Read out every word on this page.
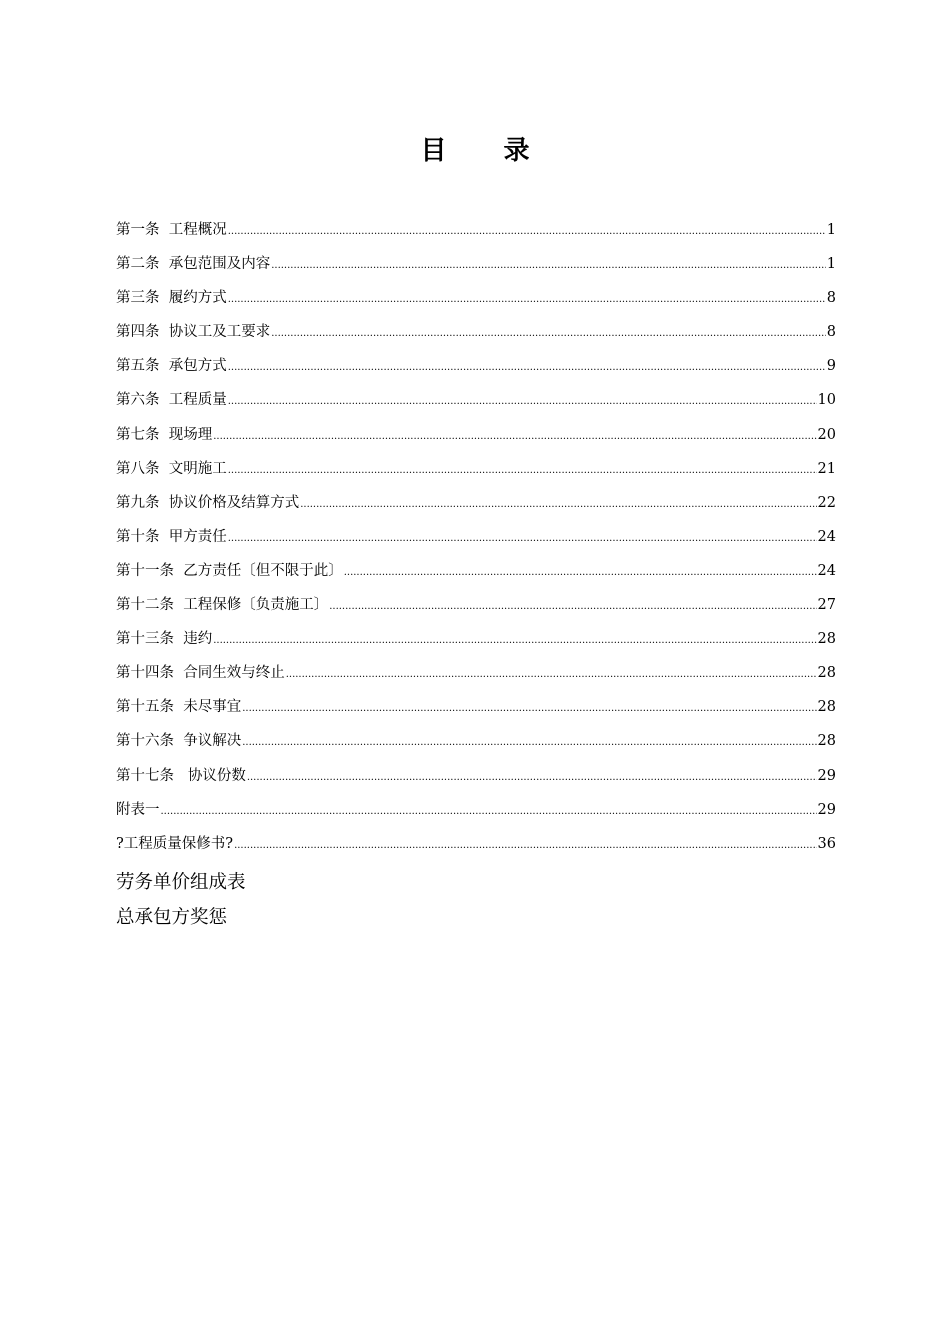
目 录
第一条 工程概况 .....	1
第二条 承包范围及内容 .....	1
第三条 履约方式 .....	8
第四条 协议工及工要求 .....	8
第五条 承包方式 .....	9
第六条 工程质量 .....	10
第七条 现场理 .....	20
第八条 文明施工 .....	21
第九条 协议价格及结算方式 .....	22
第十条 甲方责任 .....	24
第十一条 乙方责任〔但不限于此〕 .....	24
第十二条 工程保修〔负责施工〕 .....	27
第十三条 违约 .....	28
第十四条 合同生效与终止 .....	28
第十五条 未尽事宜 .....	28
第十六条 争议解决 .....	28
第十七条   协议份数 .....	29
附表一 .....	29
?工程质量保修书? .....	36
劳务单价组成表
总承包方奖惩
